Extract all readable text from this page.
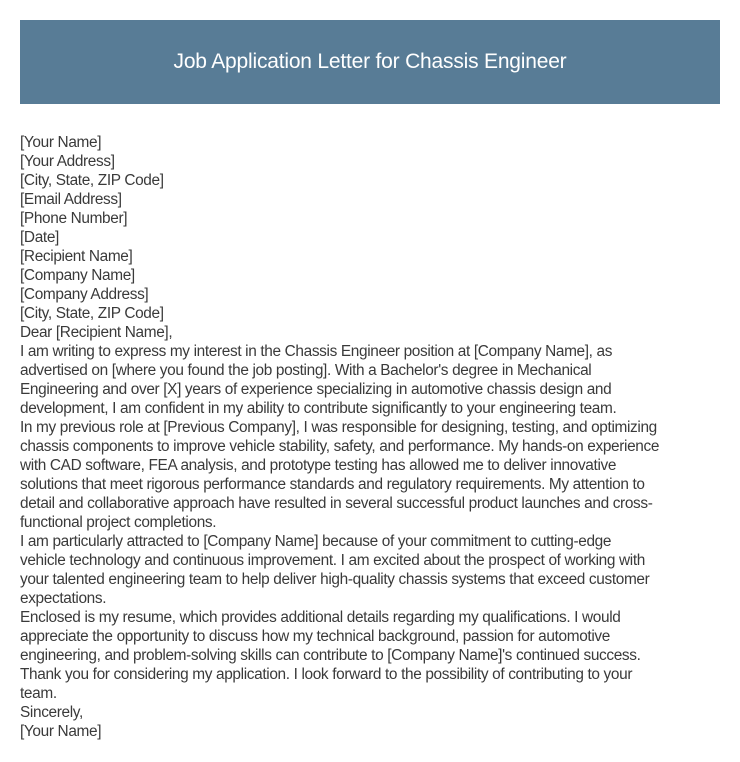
Job Application Letter for Chassis Engineer
[Your Name]
[Your Address]
[City, State, ZIP Code]
[Email Address]
[Phone Number]
[Date]
[Recipient Name]
[Company Name]
[Company Address]
[City, State, ZIP Code]
Dear [Recipient Name],
I am writing to express my interest in the Chassis Engineer position at [Company Name], as
advertised on [where you found the job posting]. With a Bachelor's degree in Mechanical
Engineering and over [X] years of experience specializing in automotive chassis design and
development, I am confident in my ability to contribute significantly to your engineering team.
In my previous role at [Previous Company], I was responsible for designing, testing, and optimizing
chassis components to improve vehicle stability, safety, and performance. My hands-on experience
with CAD software, FEA analysis, and prototype testing has allowed me to deliver innovative
solutions that meet rigorous performance standards and regulatory requirements. My attention to
detail and collaborative approach have resulted in several successful product launches and cross-
functional project completions.
I am particularly attracted to [Company Name] because of your commitment to cutting-edge
vehicle technology and continuous improvement. I am excited about the prospect of working with
your talented engineering team to help deliver high-quality chassis systems that exceed customer
expectations.
Enclosed is my resume, which provides additional details regarding my qualifications. I would
appreciate the opportunity to discuss how my technical background, passion for automotive
engineering, and problem-solving skills can contribute to [Company Name]'s continued success.
Thank you for considering my application. I look forward to the possibility of contributing to your
team.
Sincerely,
[Your Name]
